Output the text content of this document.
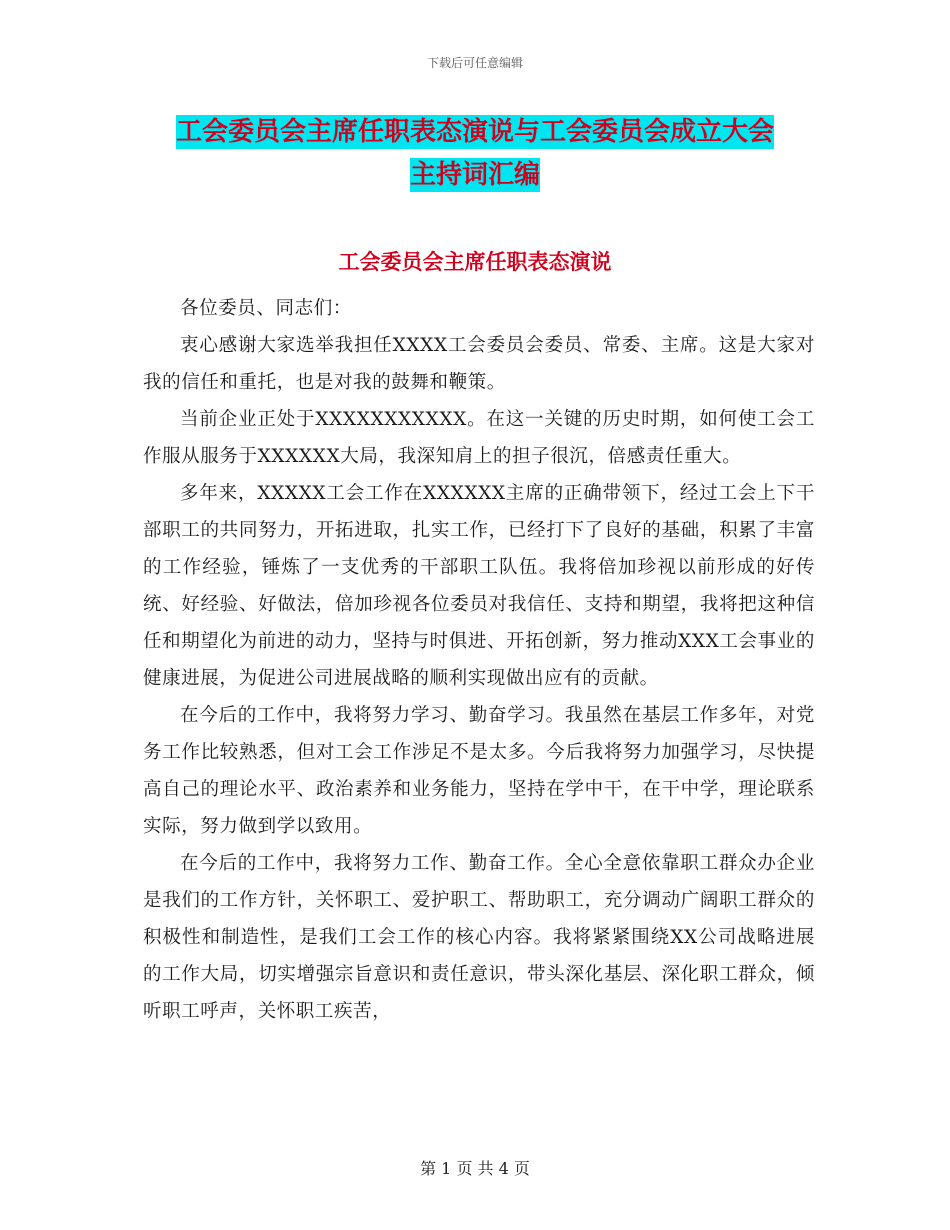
下载后可任意编辑
工会委员会主席任职表态演说与工会委员会成立大会
主持词汇编
工会委员会主席任职表态演说

各位委员、同志们：

衷心感谢大家选举我担任XXXX工会委员会委员、常委、主席。这是大家对我的信任和重托，也是对我的鼓舞和鞭策。

当前企业正处于XXXXXXXXXXX。在这一关键的历史时期，如何使工会工作服从服务于XXXXXX大局，我深知肩上的担子很沉，倍感责任重大。

多年来，XXXXX工会工作在XXXXXX主席的正确带领下，经过工会上下干部职工的共同努力，开拓进取，扎实工作，已经打下了良好的基础，积累了丰富的工作经验，锤炼了一支优秀的干部职工队伍。我将倍加珍视以前形成的好传统、好经验、好做法，倍加珍视各位委员对我信任、支持和期望，我将把这种信任和期望化为前进的动力，坚持与时俱进、开拓创新，努力推动XXX工会事业的健康进展，为促进公司进展战略的顺利实现做出应有的贡献。

在今后的工作中，我将努力学习、勤奋学习。我虽然在基层工作多年，对党务工作比较熟悉，但对工会工作涉足不是太多。今后我将努力加强学习，尽快提高自己的理论水平、政治素养和业务能力，坚持在学中干，在干中学，理论联系实际，努力做到学以致用。

在今后的工作中，我将努力工作、勤奋工作。全心全意依靠职工群众办企业是我们的工作方针，关怀职工、爱护职工、帮助职工，充分调动广阔职工群众的积极性和制造性，是我们工会工作的核心内容。我将紧紧围绕XX公司战略进展的工作大局，切实增强宗旨意识和责任意识，带头深化基层、深化职工群众，倾听职工呼声，关怀职工疾苦，

第 1 页 共 4 页
